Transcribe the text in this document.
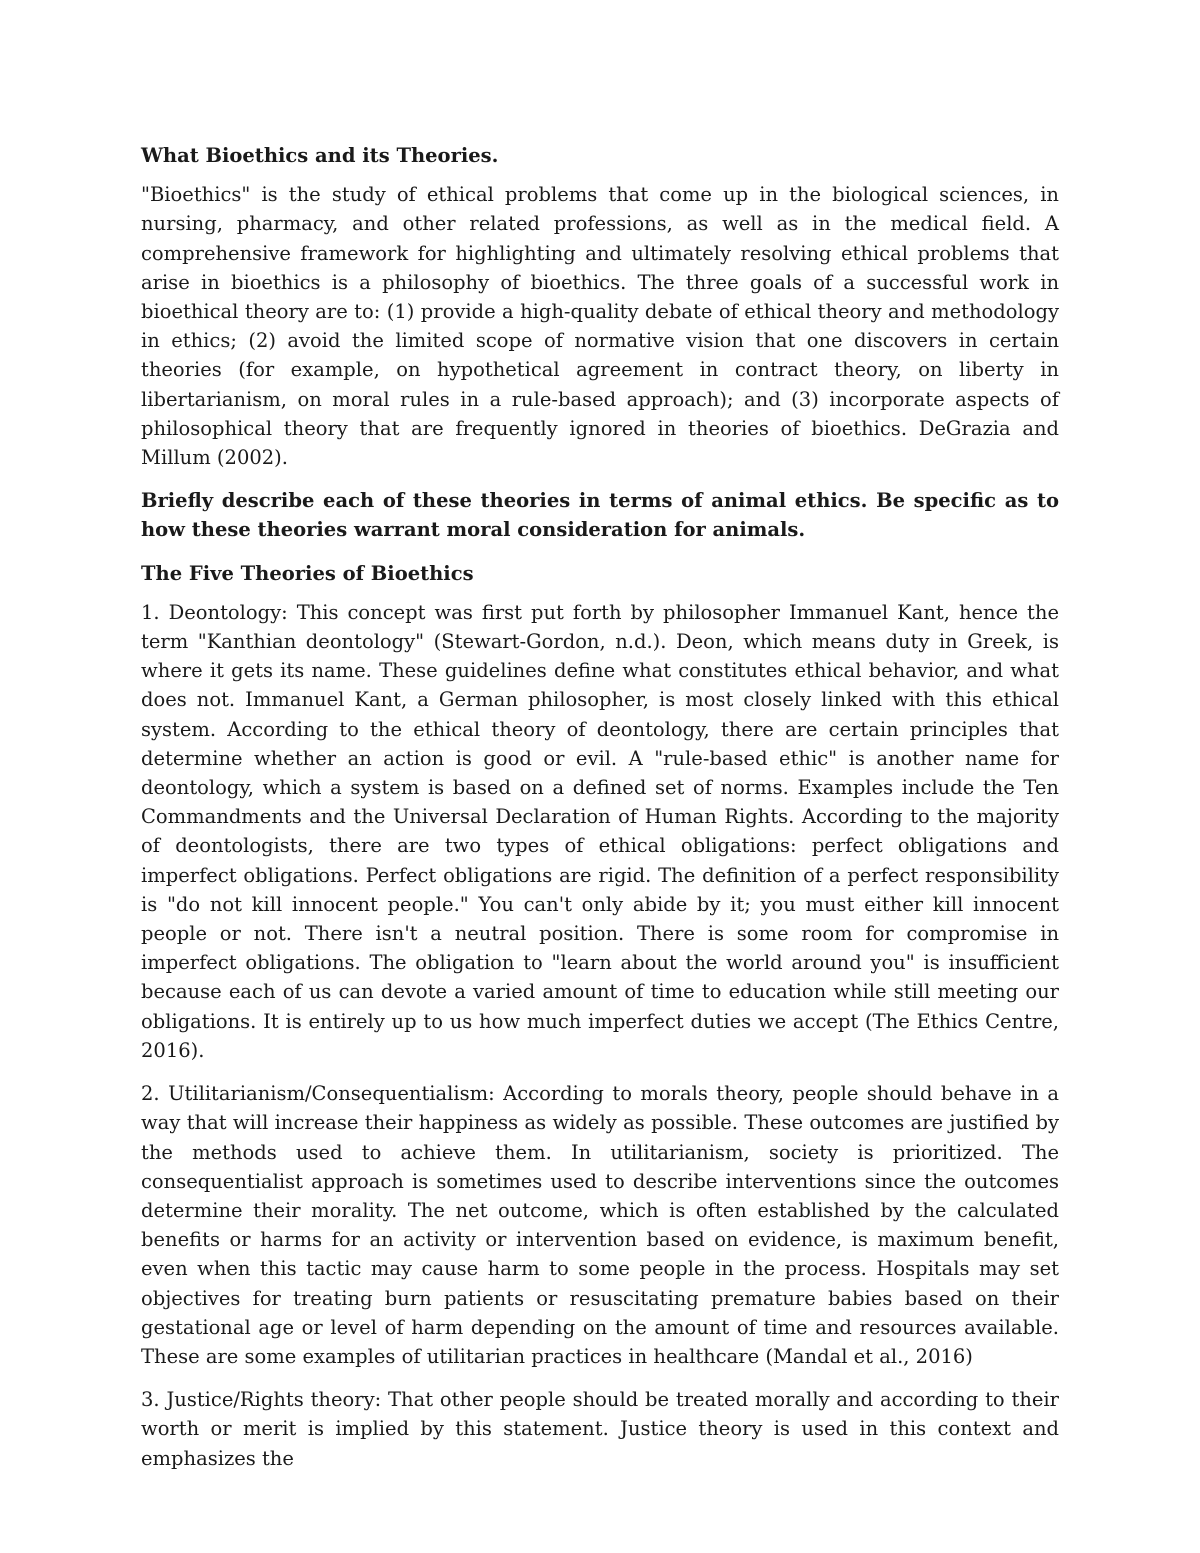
What Bioethics and its Theories.

"Bioethics" is the study of ethical problems that come up in the biological sciences, in nursing, pharmacy, and other related professions, as well as in the medical field. A comprehensive framework for highlighting and ultimately resolving ethical problems that arise in bioethics is a philosophy of bioethics. The three goals of a successful work in bioethical theory are to: (1) provide a high-quality debate of ethical theory and methodology in ethics; (2) avoid the limited scope of normative vision that one discovers in certain theories (for example, on hypothetical agreement in contract theory, on liberty in libertarianism, on moral rules in a rule-based approach); and (3) incorporate aspects of philosophical theory that are frequently ignored in theories of bioethics. DeGrazia and Millum (2002).

Briefly describe each of these theories in terms of animal ethics. Be specific as to how these theories warrant moral consideration for animals.

The Five Theories of Bioethics

1. Deontology: This concept was first put forth by philosopher Immanuel Kant, hence the term "Kanthian deontology" (Stewart-Gordon, n.d.). Deon, which means duty in Greek, is where it gets its name. These guidelines define what constitutes ethical behavior, and what does not. Immanuel Kant, a German philosopher, is most closely linked with this ethical system. According to the ethical theory of deontology, there are certain principles that determine whether an action is good or evil. A "rule-based ethic" is another name for deontology, which a system is based on a defined set of norms. Examples include the Ten Commandments and the Universal Declaration of Human Rights. According to the majority of deontologists, there are two types of ethical obligations: perfect obligations and imperfect obligations. Perfect obligations are rigid. The definition of a perfect responsibility is "do not kill innocent people." You can't only abide by it; you must either kill innocent people or not. There isn't a neutral position. There is some room for compromise in imperfect obligations. The obligation to "learn about the world around you" is insufficient because each of us can devote a varied amount of time to education while still meeting our obligations. It is entirely up to us how much imperfect duties we accept (The Ethics Centre, 2016).

2. Utilitarianism/Consequentialism: According to morals theory, people should behave in a way that will increase their happiness as widely as possible. These outcomes are justified by the methods used to achieve them. In utilitarianism, society is prioritized. The consequentialist approach is sometimes used to describe interventions since the outcomes determine their morality. The net outcome, which is often established by the calculated benefits or harms for an activity or intervention based on evidence, is maximum benefit, even when this tactic may cause harm to some people in the process. Hospitals may set objectives for treating burn patients or resuscitating premature babies based on their gestational age or level of harm depending on the amount of time and resources available. These are some examples of utilitarian practices in healthcare (Mandal et al., 2016)

3. Justice/Rights theory: That other people should be treated morally and according to their worth or merit is implied by this statement. Justice theory is used in this context and emphasizes the
